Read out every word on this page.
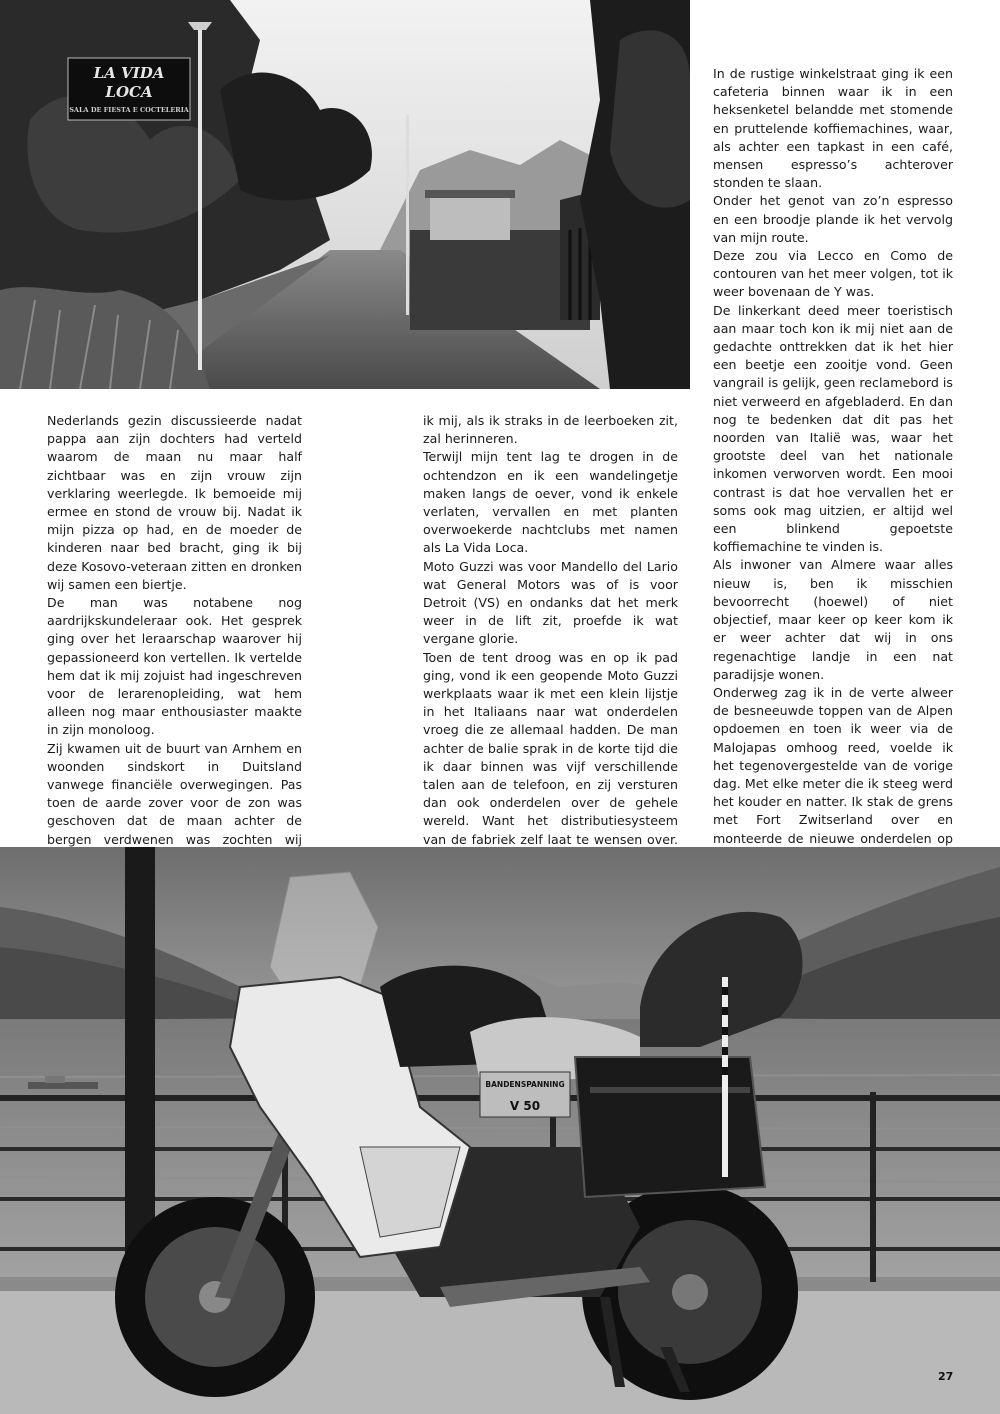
LA VIDA
LOCA
SALA DE FIESTA E COCTELERIA

Nederlands gezin discussieerde nadat pappa aan zijn dochters had verteld waarom de maan nu maar half zichtbaar was en zijn vrouw zijn verklaring weerlegde. Ik bemoeide mij ermee en stond de vrouw bij. Nadat ik mijn pizza op had, en de moeder de kinderen naar bed bracht, ging ik bij deze Kosovo-veteraan zitten en dronken wij samen een biertje.

De man was notabene nog aardrijkskundeleraar ook. Het gesprek ging over het leraarschap waarover hij gepassioneerd kon vertellen. Ik vertelde hem dat ik mij zojuist had ingeschreven voor de lerarenopleiding, wat hem alleen nog maar enthousiaster maakte in zijn monoloog.

Zij kwamen uit de buurt van Arnhem en woonden sindskort in Duitsland vanwege financiële overwegingen. Pas toen de aarde zover voor de zon was geschoven dat de maan achter de bergen verdwenen was zochten wij

ik mij, als ik straks in de leerboeken zit, zal herinneren.

Terwijl mijn tent lag te drogen in de ochtendzon en ik een wandelingetje maken langs de oever, vond ik enkele verlaten, vervallen en met planten overwoekerde nachtclubs met namen als La Vida Loca.

Moto Guzzi was voor Mandello del Lario wat General Motors was of is voor Detroit (VS) en ondanks dat het merk weer in de lift zit, proefde ik wat vergane glorie.

Toen de tent droog was en op ik pad ging, vond ik een geopende Moto Guzzi werkplaats waar ik met een klein lijstje in het Italiaans naar wat onderdelen vroeg die ze allemaal hadden. De man achter de balie sprak in de korte tijd die ik daar binnen was vijf verschillende talen aan de telefoon, en zij versturen dan ook onderdelen over de gehele wereld. Want het distributiesysteem van de fabriek zelf laat te wensen over.

In de rustige winkelstraat ging ik een cafeteria binnen waar ik in een heksenketel belandde met stomende en pruttelende koffiemachines, waar, als achter een tapkast in een café, mensen espresso’s achterover stonden te slaan.

Onder het genot van zo’n espresso en een broodje plande ik het vervolg van mijn route.

Deze zou via Lecco en Como de contouren van het meer volgen, tot ik weer bovenaan de Y was.

De linkerkant deed meer toeristisch aan maar toch kon ik mij niet aan de gedachte onttrekken dat ik het hier een beetje een zooitje vond. Geen vangrail is gelijk, geen reclamebord is niet verweerd en afgebladerd. En dan nog te bedenken dat dit pas het noorden van Italië was, waar het grootste deel van het nationale inkomen verworven wordt. Een mooi contrast is dat hoe vervallen het er soms ook mag uitzien, er altijd wel een blinkend gepoetste koffiemachine te vinden is.

Als inwoner van Almere waar alles nieuw is, ben ik misschien bevoorrecht (hoewel) of niet objectief, maar keer op keer kom ik er weer achter dat wij in ons regenachtige landje in een nat paradijsje wonen.

Onderweg zag ik in de verte alweer de besneeuwde toppen van de Alpen opdoemen en toen ik weer via de Malojapas omhoog reed, voelde ik het tegenovergestelde van de vorige dag. Met elke meter die ik steeg werd het kouder en natter. Ik stak de grens met Fort Zwitserland over en monteerde de nieuwe onderdelen op

BANDENSPANNING
V 50
27
